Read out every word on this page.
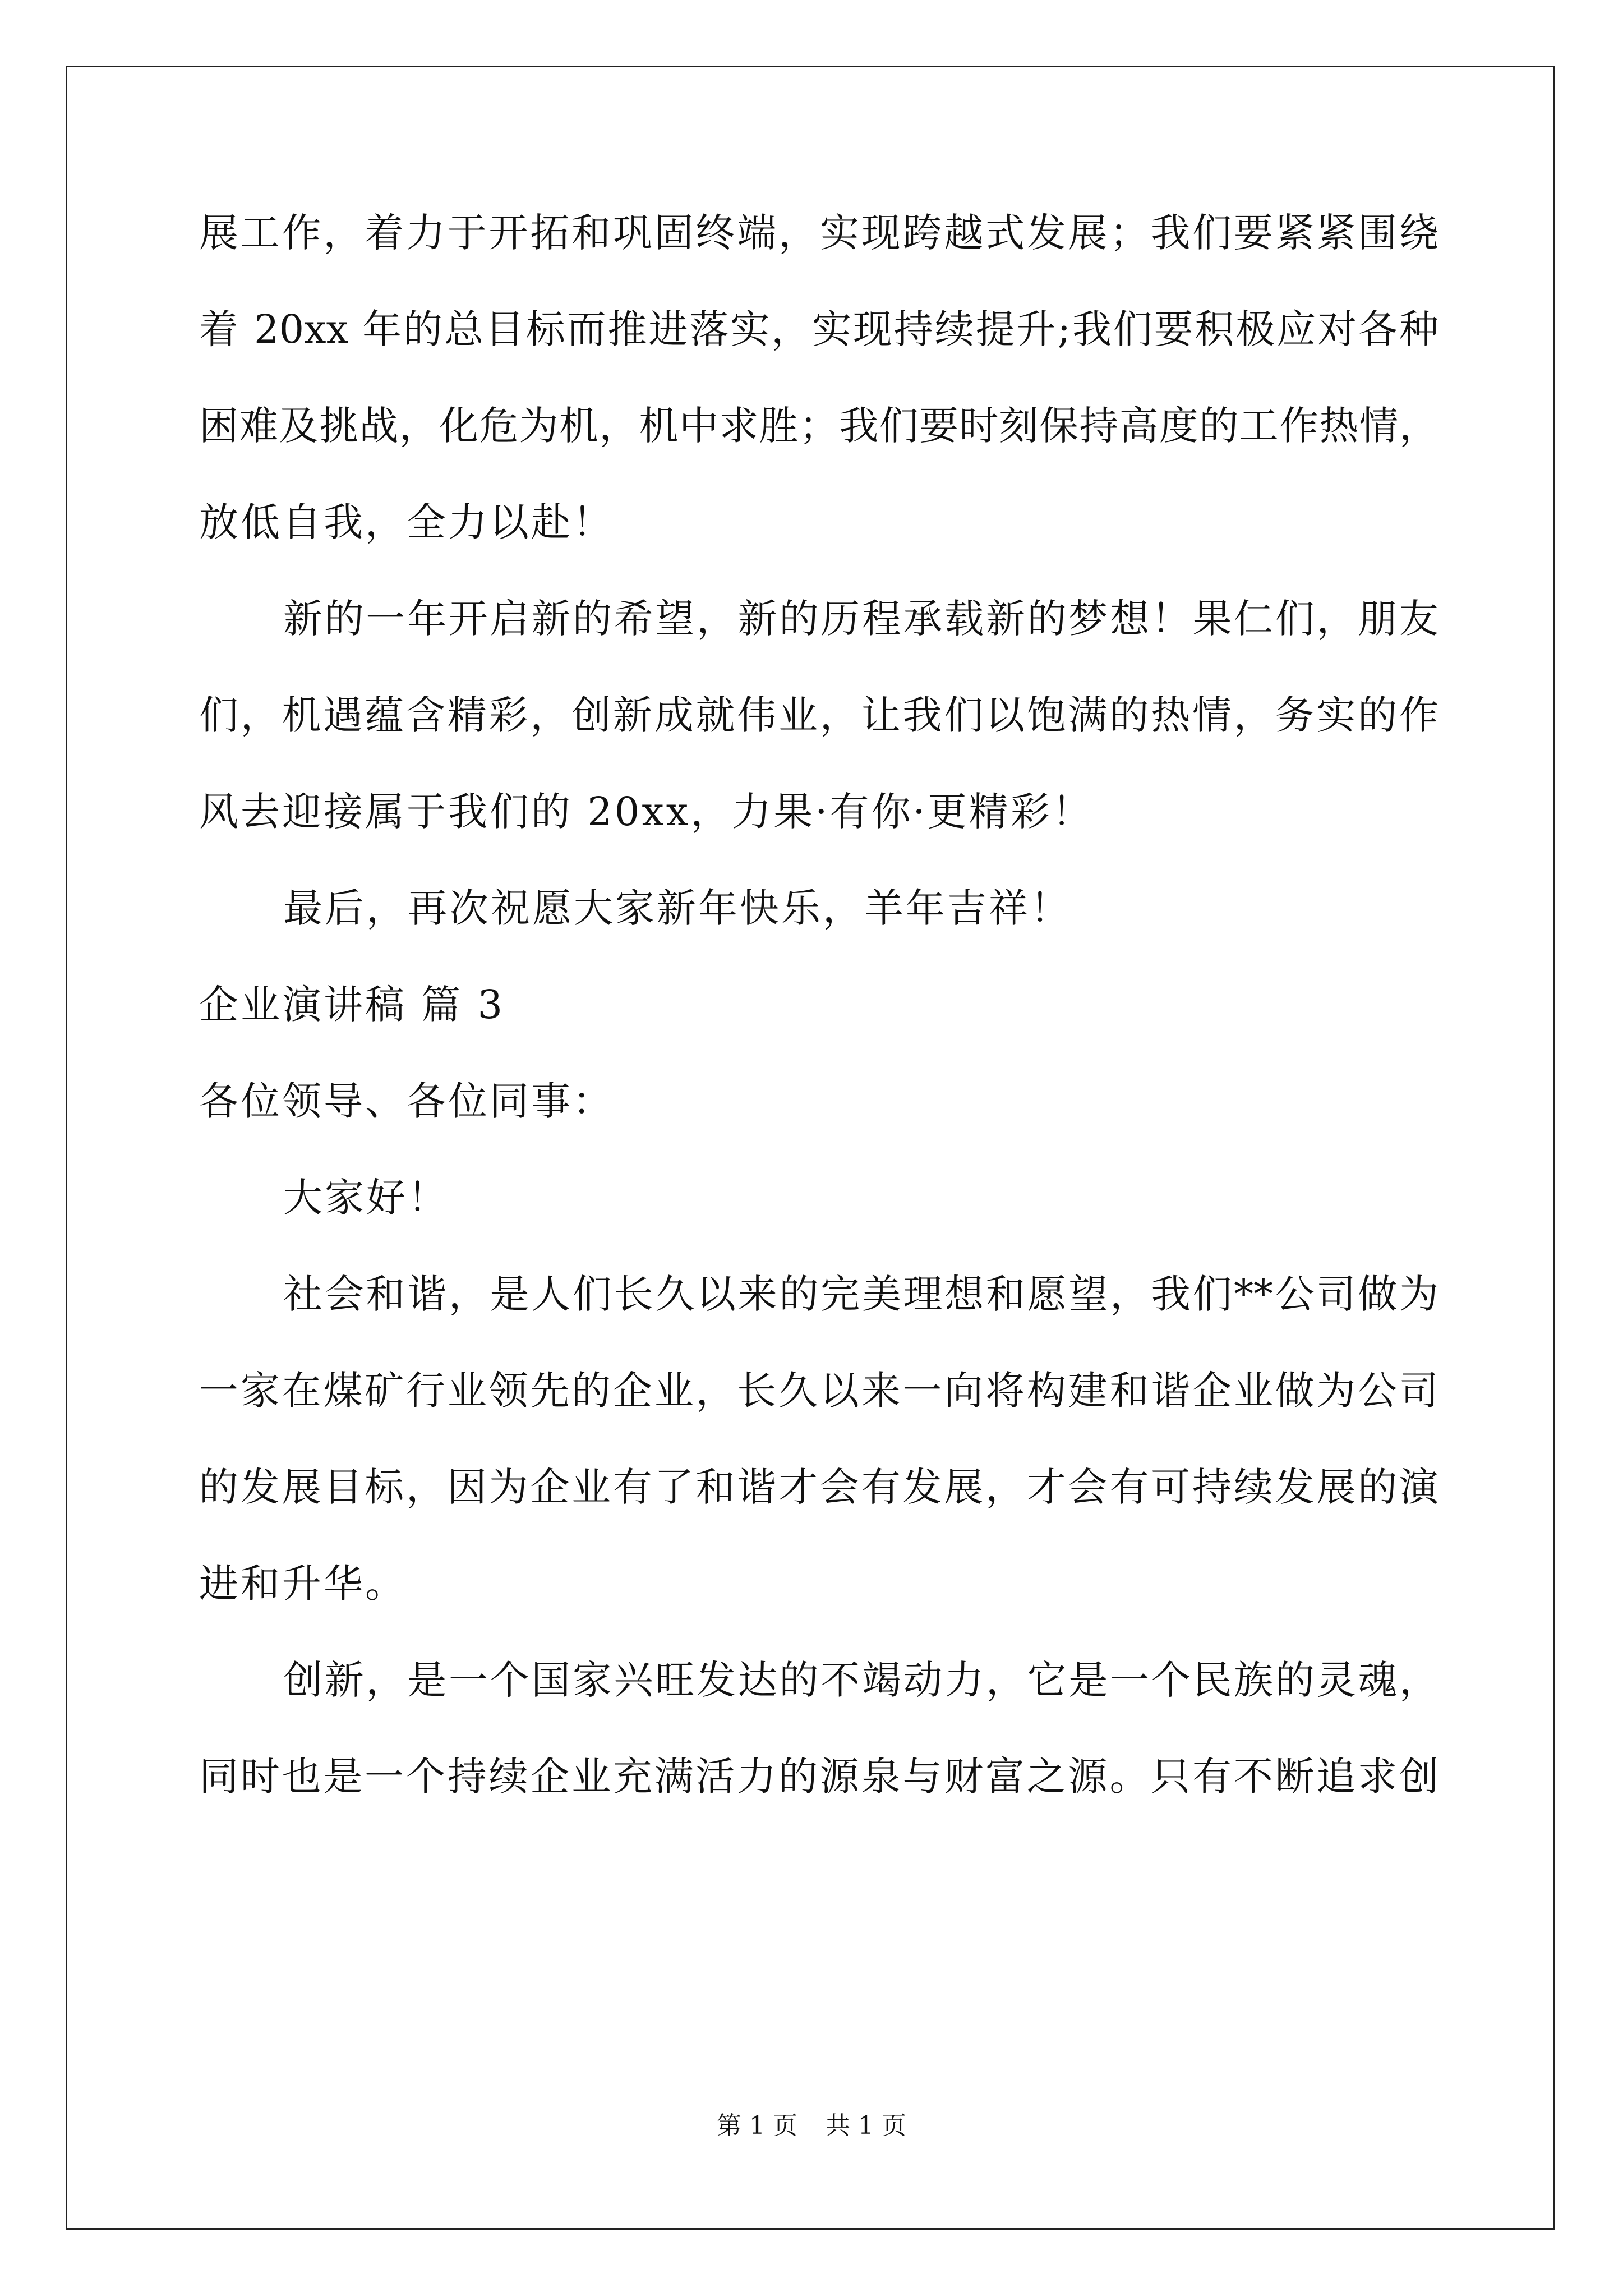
展工作，着力于开拓和巩固终端，实现跨越式发展；我们要紧紧围绕
着 20xx 年的总目标而推进落实，实现持续提升;我们要积极应对各种
困难及挑战，化危为机，机中求胜；我们要时刻保持高度的工作热情，
放低自我，全力以赴！
新的一年开启新的希望，新的历程承载新的梦想！果仁们，朋友
们，机遇蕴含精彩，创新成就伟业，让我们以饱满的热情，务实的作
风去迎接属于我们的 20xx，力果·有你·更精彩！
最后，再次祝愿大家新年快乐，羊年吉祥！
企业演讲稿 篇 3
各位领导、各位同事：
大家好！
社会和谐，是人们长久以来的完美理想和愿望，我们**公司做为
一家在煤矿行业领先的企业，长久以来一向将构建和谐企业做为公司
的发展目标，因为企业有了和谐才会有发展，才会有可持续发展的演
进和升华。
创新，是一个国家兴旺发达的不竭动力，它是一个民族的灵魂，
同时也是一个持续企业充满活力的源泉与财富之源。只有不断追求创
第 1 页 共 1 页
